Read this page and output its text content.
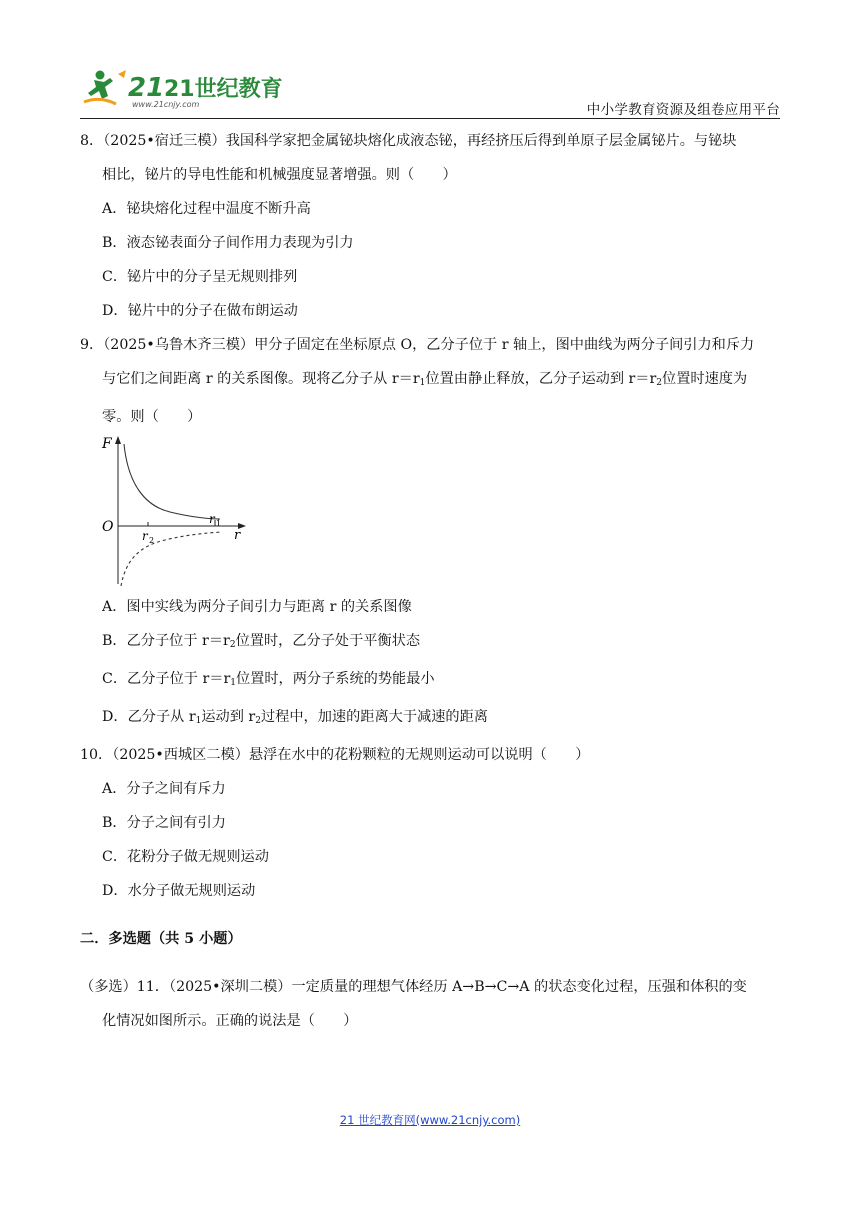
21 21世纪教育
www.21cnjy.com	中小学教育资源及组卷应用平台

8．（2025•宿迁三模）我国科学家把金属铋块熔化成液态铋，再经挤压后得到单原子层金属铋片。与铋块

相比，铋片的导电性能和机械强度显著增强。则（　　）

A．铋块熔化过程中温度不断升高

B．液态铋表面分子间作用力表现为引力

C．铋片中的分子呈无规则排列

D．铋片中的分子在做布朗运动

9．（2025•乌鲁木齐三模）甲分子固定在坐标原点 O，乙分子位于 r 轴上，图中曲线为两分子间引力和斥力

与它们之间距离 r 的关系图像。现将乙分子从 $r=r_1$位置由静止释放，乙分子运动到 $r=r_2$位置时速度为

零。则（　　）

F
O
r
r 2
r 1

A．图中实线为两分子间引力与距离 r 的关系图像

B．乙分子位于 $r=r_2$位置时，乙分子处于平衡状态

C．乙分子位于 $r=r_1$位置时，两分子系统的势能最小

D．乙分子从 $r_1$运动到 $r_2$过程中，加速的距离大于减速的距离

10．（2025•西城区二模）悬浮在水中的花粉颗粒的无规则运动可以说明（　　）

A．分子之间有斥力

B．分子之间有引力

C．花粉分子做无规则运动

D．水分子做无规则运动

二．多选题（共 5 小题）

（多选）11．（2025•深圳二模）一定质量的理想气体经历 A→B→C→A 的状态变化过程，压强和体积的变

化情况如图所示。正确的说法是（　　）

21 世纪教育网(www.21cnjy.com)
